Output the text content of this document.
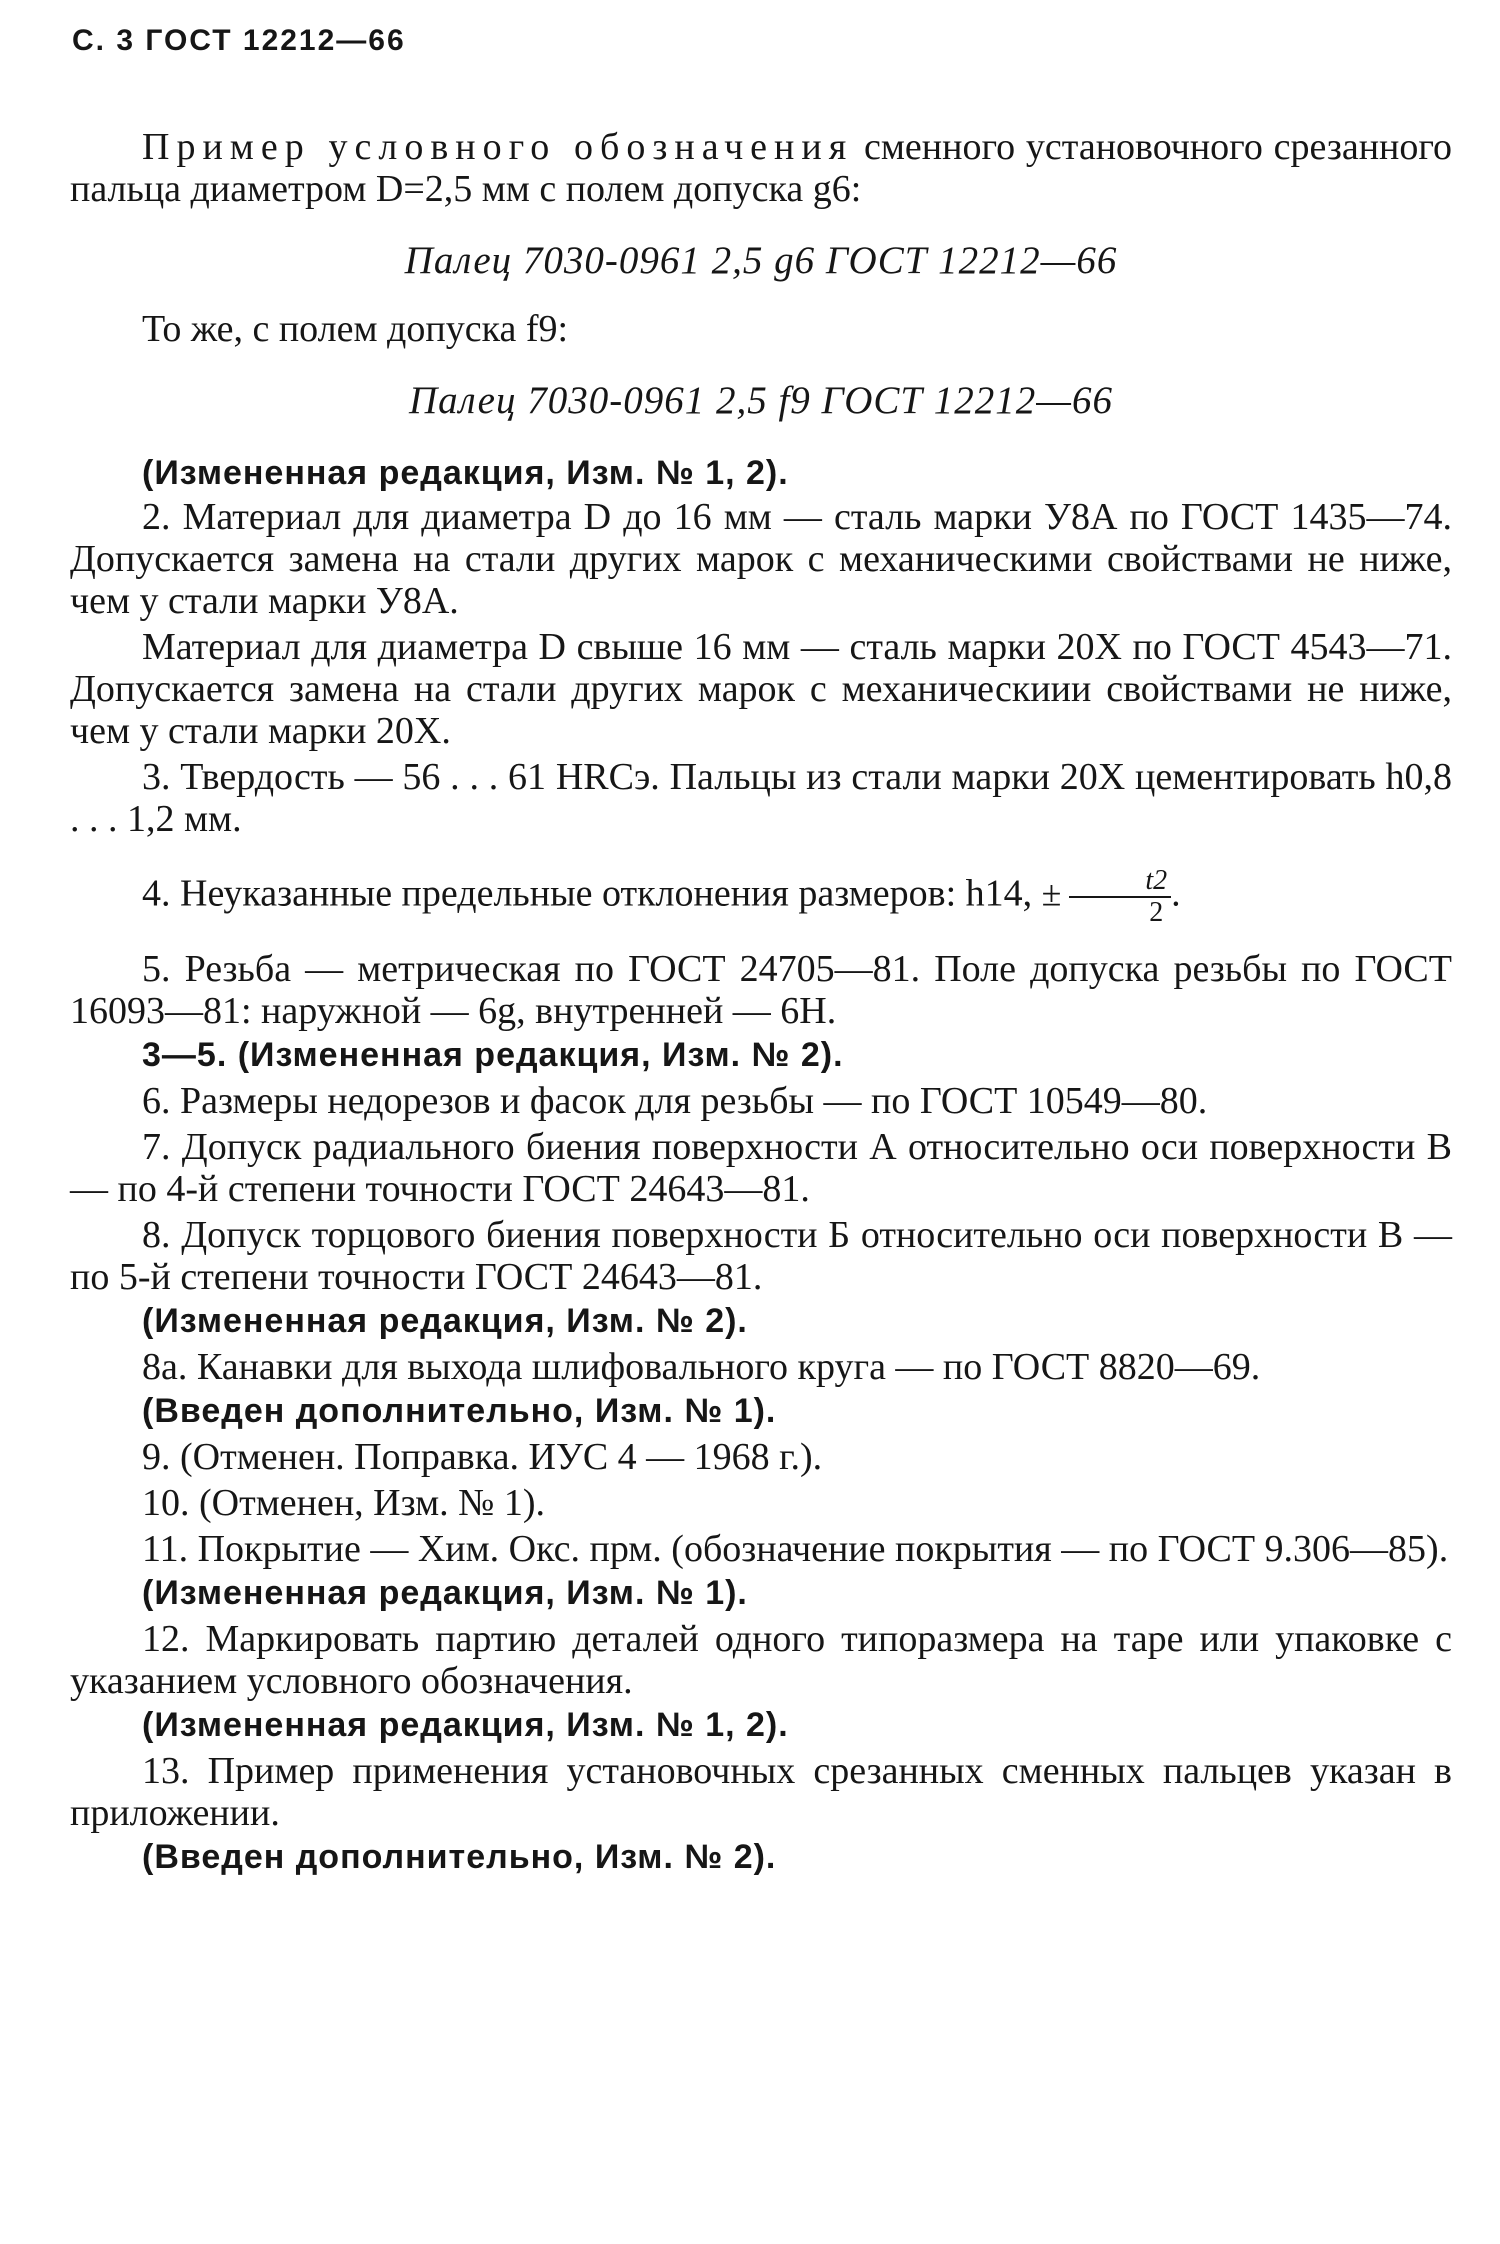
С. 3 ГОСТ 12212—66

Пример условного обозначения сменного установочного срезанного пальца диаметром D=2,5 мм с полем допуска g6:

Палец 7030-0961 2,5 g6 ГОСТ 12212—66

То же, с полем допуска f9:

Палец 7030-0961 2,5 f9 ГОСТ 12212—66

(Измененная редакция, Изм. № 1, 2).

2. Материал для диаметра D до 16 мм — сталь марки У8А по ГОСТ 1435—74. Допускается замена на стали других марок с механическими свойствами не ниже, чем у стали марки У8А.

Материал для диаметра D свыше 16 мм — сталь марки 20Х по ГОСТ 4543—71. Допускается замена на стали других марок с механическиии свойствами не ниже, чем у стали марки 20Х.

3. Твердость — 56 . . . 61 HRCэ. Пальцы из стали марки 20Х цементировать h0,8 . . . 1,2 мм.

4. Неуказанные предельные отклонения размеров: h14, ± $\frac{t2}{2}$ .

5. Резьба — метрическая по ГОСТ 24705—81. Поле допуска резьбы по ГОСТ 16093—81: наружной — 6g, внутренней — 6H.

3—5. (Измененная редакция, Изм. № 2).

6. Размеры недорезов и фасок для резьбы — по ГОСТ 10549—80.

7. Допуск радиального биения поверхности А относительно оси поверхности В — по 4-й степени точности ГОСТ 24643—81.

8. Допуск торцового биения поверхности Б относительно оси поверхности В — по 5-й степени точности ГОСТ 24643—81.

(Измененная редакция, Изм. № 2).

8а. Канавки для выхода шлифовального круга — по ГОСТ 8820—69.

(Введен дополнительно, Изм. № 1).

9. (Отменен. Поправка. ИУС 4 — 1968 г.).

10. (Отменен, Изм. № 1).

11. Покрытие — Хим. Окс. прм. (обозначение покрытия — по ГОСТ 9.306—85).

(Измененная редакция, Изм. № 1).

12. Маркировать партию деталей одного типоразмера на таре или упаковке с указанием условного обозначения.

(Измененная редакция, Изм. № 1, 2).

13. Пример применения установочных срезанных сменных пальцев указан в приложении.

(Введен дополнительно, Изм. № 2).
